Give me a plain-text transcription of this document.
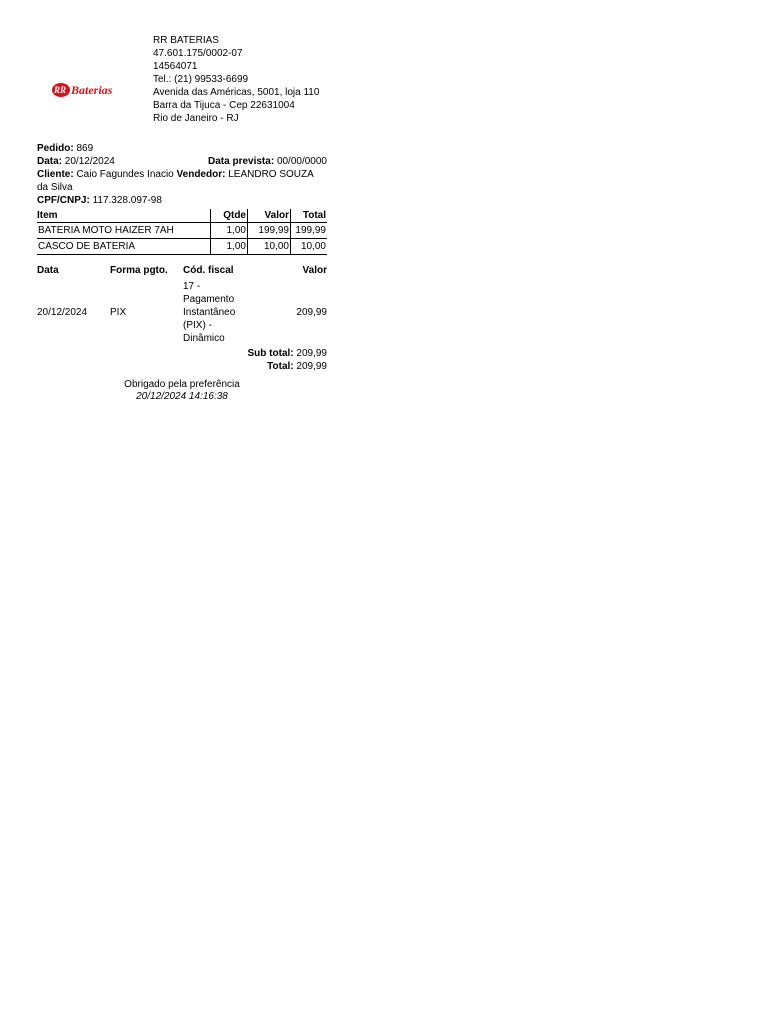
RR Baterias
RR BATERIAS
47.601.175/0002-07
14564071
Tel.: (21) 99533-6699
Avenida das Américas, 5001, loja 110
Barra da Tijuca - Cep 22631004
Rio de Janeiro - RJ
Pedido: 869
Data: 20/12/2024	Data prevista: 00/00/0000
Cliente: Caio Fagundes Inacio Vendedor: LEANDRO SOUZA da Silva
CPF/CNPJ: 117.328.097-98
Item	Qtde	Valor	Total
BATERIA MOTO HAIZER 7AH	1,00	199,99	199,99
CASCO DE BATERIA	1,00	10,00	10,00
Data	Forma pgto.	Cód. fiscal	Valor
20/12/2024	PIX	17 - Pagamento Instantâneo (PIX) - Dinâmico	209,99
Sub total: 209,99
Total: 209,99
Obrigado pela preferência
20/12/2024 14:16:38
